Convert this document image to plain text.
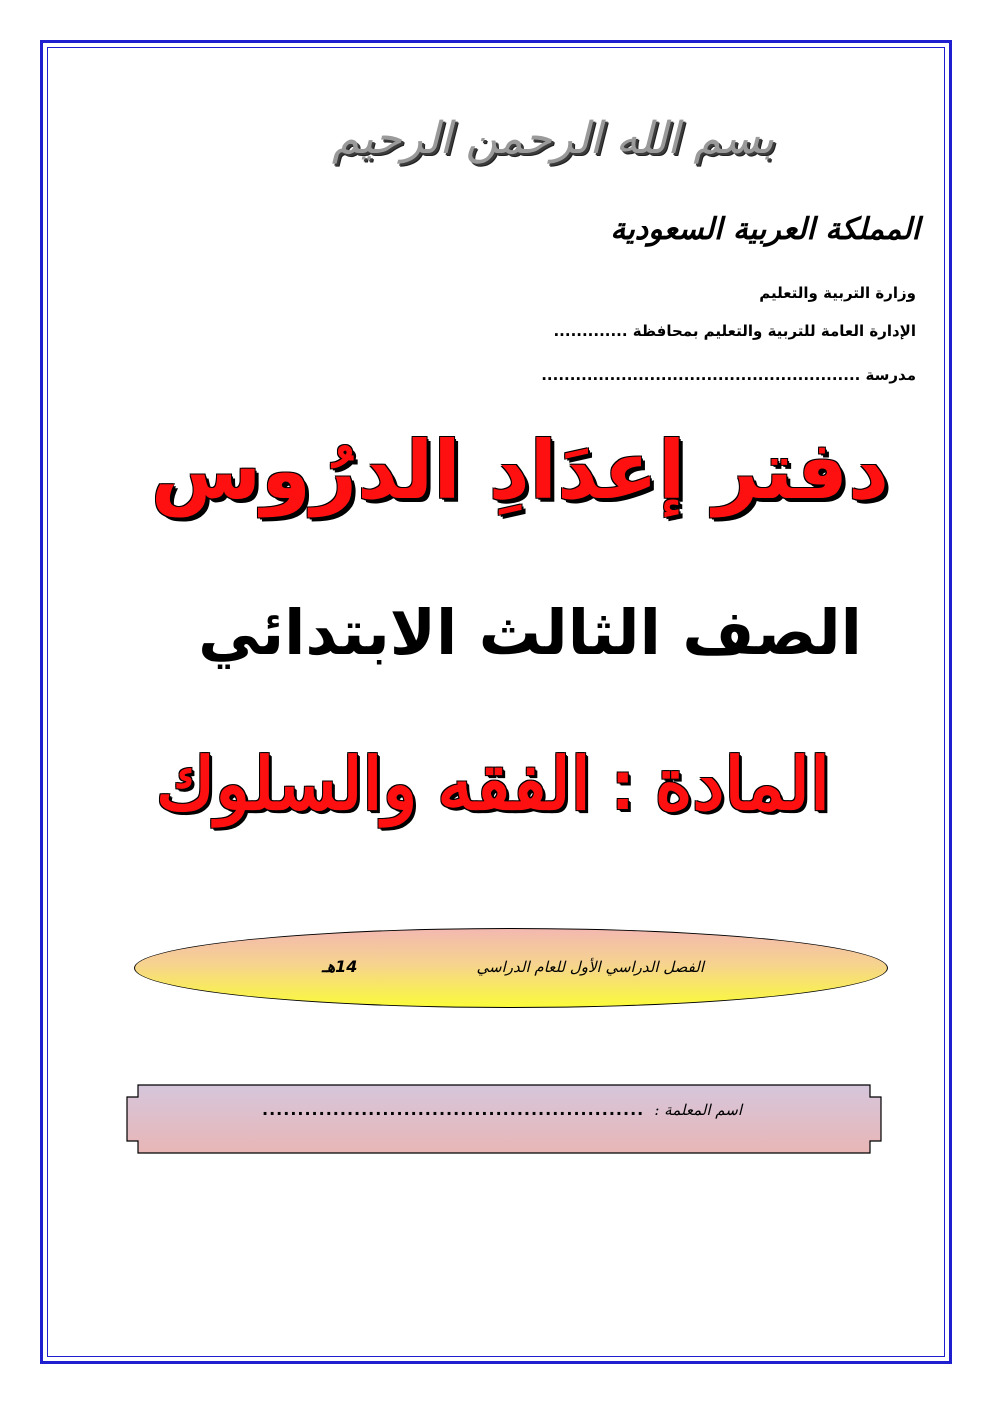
بسم الله الرحمن الرحيم
المملكة العربية السعودية
وزارة التربية والتعليم
الإدارة العامة للتربية والتعليم بمحافظة .............
مدرسة ........................................................
دفتر إعدَادِ الدرُوس
الصف الثالث الابتدائي
المادة : الفقه والسلوك
الفصل الدراسي الأول للعام الدراسي
14هـ
اسم المعلمة :
......................................................
